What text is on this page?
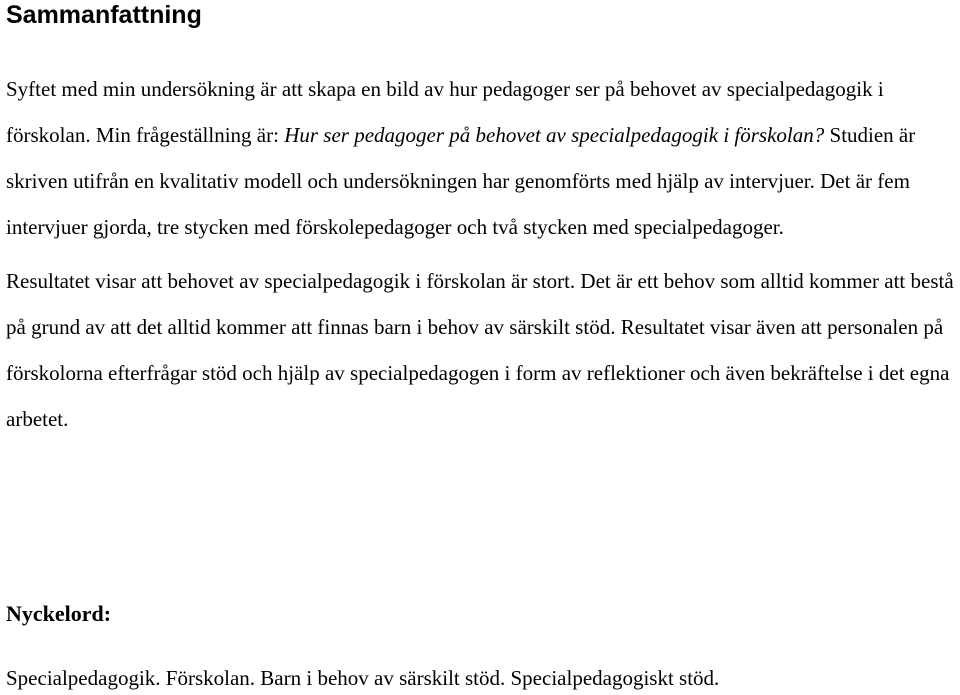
Sammanfattning

Syftet med min undersökning är att skapa en bild av hur pedagoger ser på behovet av specialpedagogik i förskolan. Min frågeställning är: Hur ser pedagoger på behovet av specialpedagogik i förskolan? Studien är skriven utifrån en kvalitativ modell och undersökningen har genomförts med hjälp av intervjuer. Det är fem intervjuer gjorda, tre stycken med förskolepedagoger och två stycken med specialpedagoger.

Resultatet visar att behovet av specialpedagogik i förskolan är stort. Det är ett behov som alltid kommer att bestå på grund av att det alltid kommer att finnas barn i behov av särskilt stöd. Resultatet visar även att personalen på förskolorna efterfrågar stöd och hjälp av specialpedagogen i form av reflektioner och även bekräftelse i det egna arbetet.

Nyckelord:

Specialpedagogik. Förskolan. Barn i behov av särskilt stöd. Specialpedagogiskt stöd.
